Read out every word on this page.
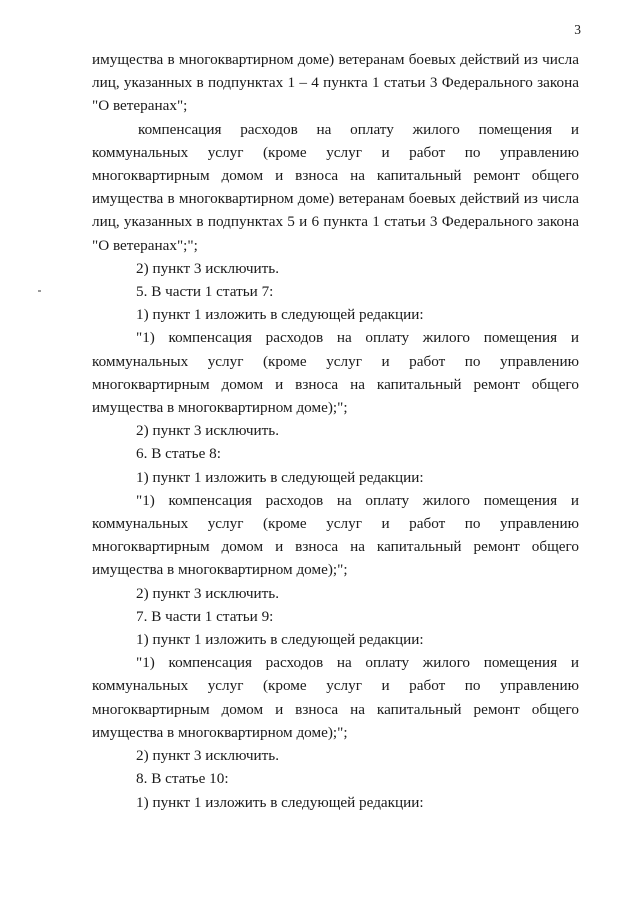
3

имущества в многоквартирном доме) ветеранам боевых действий из числа лиц, указанных в подпунктах 1 – 4 пункта 1 статьи 3 Федерального закона "О ветеранах";

компенсация расходов на оплату жилого помещения и коммунальных услуг (кроме услуг и работ по управлению многоквартирным домом и взноса на капитальный ремонт общего имущества в многоквартирном доме) ветеранам боевых действий из числа лиц, указанных в подпунктах 5 и 6 пункта 1 статьи 3 Федерального закона "О ветеранах";";

2) пункт 3 исключить.

5. В части 1 статьи 7:

1) пункт 1 изложить в следующей редакции:

"1) компенсация расходов на оплату жилого помещения и коммунальных услуг (кроме услуг и работ по управлению многоквартирным домом и взноса на капитальный ремонт общего имущества в многоквартирном доме);";

2) пункт 3 исключить.

6. В статье 8:

1) пункт 1 изложить в следующей редакции:

"1) компенсация расходов на оплату жилого помещения и коммунальных услуг (кроме услуг и работ по управлению многоквартирным домом и взноса на капитальный ремонт общего имущества в многоквартирном доме);";

2) пункт 3 исключить.

7. В части 1 статьи 9:

1) пункт 1 изложить в следующей редакции:

"1) компенсация расходов на оплату жилого помещения и коммунальных услуг (кроме услуг и работ по управлению многоквартирным домом и взноса на капитальный ремонт общего имущества в многоквартирном доме);";

2) пункт 3 исключить.

8. В статье 10:

1) пункт 1 изложить в следующей редакции:
